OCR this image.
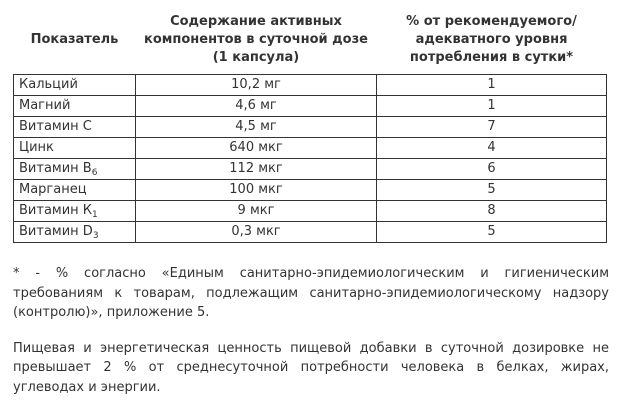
Показатель	Содержание активных компонентов в суточной дозе (1 капсула)	% от рекомендуемого/ адекватного уровня потребления в сутки*
Кальций	10,2 мг	1
Магний	4,6 мг	1
Витамин С	4,5 мг	7
Цинк	640 мкг	4
Витамин $В_6$	112 мкг	6
Марганец	100 мкг	5
Витамин $К_1$	9 мкг	8
Витамин $D_3$	0,3 мкг	5

* - % согласно «Единым санитарно-эпидемиологическим и гигиеническим требованиям к товарам, подлежащим санитарно-эпидемиологическому надзору (контролю)», приложение 5.

Пищевая и энергетическая ценность пищевой добавки в суточной дозировке не превышает 2 % от среднесуточной потребности человека в белках, жирах, углеводах и энергии.
